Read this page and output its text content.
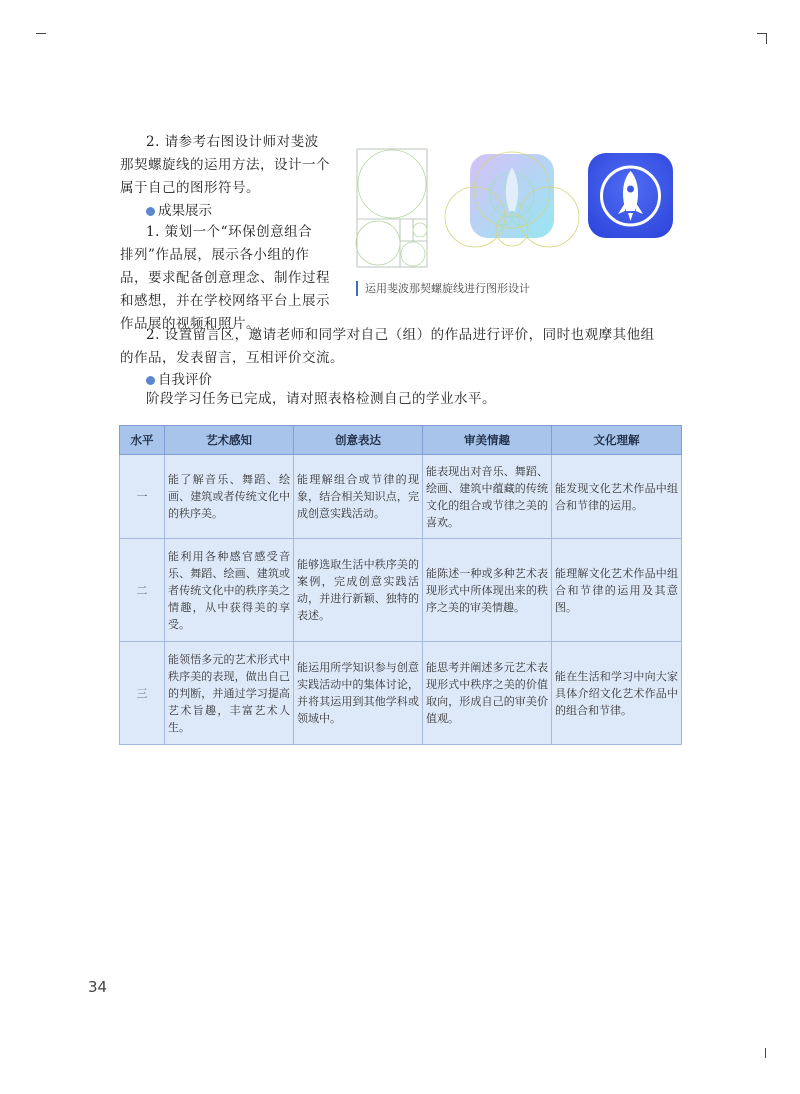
2. 请参考右图设计师对斐波

那契螺旋线的运用方法，设计一个

属于自己的图形符号。

成果展示

1. 策划一个“环保创意组合

排列”作品展，展示各小组的作

品，要求配备创意理念、制作过程

和感想，并在学校网络平台上展示

作品展的视频和照片。

运用斐波那契螺旋线进行图形设计

2. 设置留言区，邀请老师和同学对自己（组）的作品进行评价，同时也观摩其他组

的作品，发表留言，互相评价交流。

自我评价

阶段学习任务已完成，请对照表格检测自己的学业水平。

水平	艺术感知	创意表达	审美情趣	文化理解
一	能了解音乐、舞蹈、绘画、建筑或者传统文化中的秩序美。	能理解组合或节律的现象，结合相关知识点，完成创意实践活动。	能表现出对音乐、舞蹈、绘画、建筑中蕴藏的传统文化的组合或节律之美的喜欢。	能发现文化艺术作品中组合和节律的运用。
二	能利用各种感官感受音乐、舞蹈、绘画、建筑或者传统文化中的秩序美之情趣，从中获得美的享受。	能够选取生活中秩序美的案例，完成创意实践活动，并进行新颖、独特的表述。	能陈述一种或多种艺术表现形式中所体现出来的秩序之美的审美情趣。	能理解文化艺术作品中组合和节律的运用及其意图。
三	能领悟多元的艺术形式中秩序美的表现，做出自己的判断，并通过学习提高艺术旨趣，丰富艺术人生。	能运用所学知识参与创意实践活动中的集体讨论，并将其运用到其他学科或领域中。	能思考并阐述多元艺术表现形式中秩序之美的价值取向，形成自己的审美价值观。	能在生活和学习中向大家具体介绍文化艺术作品中的组合和节律。
34
